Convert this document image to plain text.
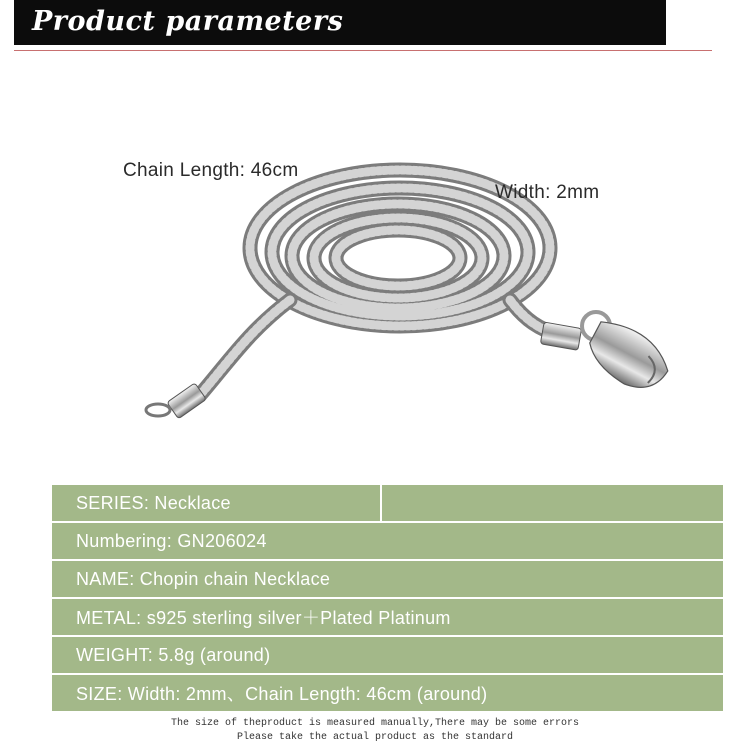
Product parameters
Chain Length: 46cm
Width: 2mm
SERIES: Necklace
Numbering: GN206024
NAME: Chopin chain Necklace
METAL: s925 sterling silver＋Plated Platinum
WEIGHT: 5.8g (around)
SIZE: Width: 2mm、Chain Length: 46cm (around)
The size of theproduct is measured manually,There may be some errors
Please take the actual product as the standard
